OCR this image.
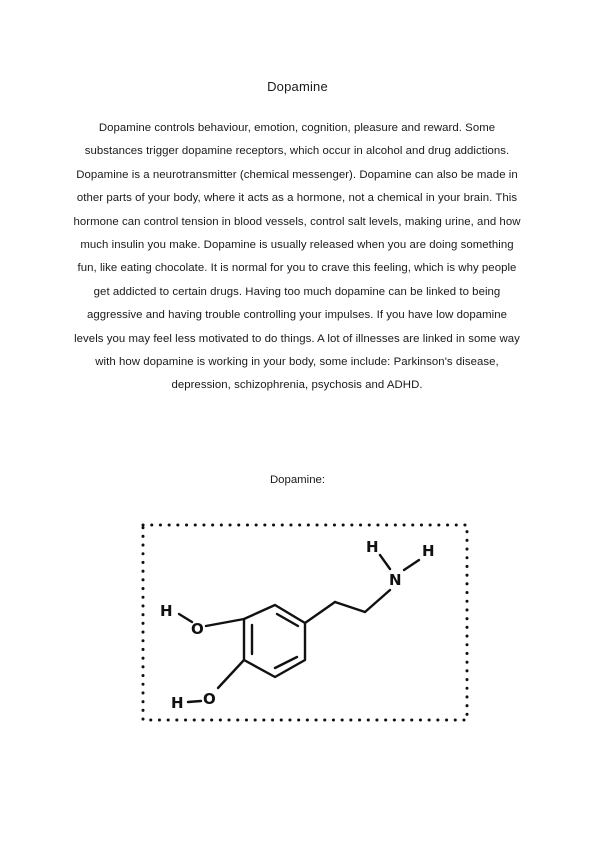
Dopamine
Dopamine controls behaviour, emotion, cognition, pleasure and reward. Some substances trigger dopamine receptors, which occur in alcohol and drug addictions. Dopamine is a neurotransmitter (chemical messenger). Dopamine can also be made in other parts of your body, where it acts as a hormone, not a chemical in your brain. This hormone can control tension in blood vessels, control salt levels, making urine, and how much insulin you make. Dopamine is usually released when you are doing something fun, like eating chocolate. It is normal for you to crave this feeling, which is why people get addicted to certain drugs. Having too much dopamine can be linked to being aggressive and having trouble controlling your impulses. If you have low dopamine levels you may feel less motivated to do things. A lot of illnesses are linked in some way with how dopamine is working in your body, some include: Parkinson's disease, depression, schizophrenia, psychosis and ADHD.
Dopamine:
H
O
H O
N
H	H
